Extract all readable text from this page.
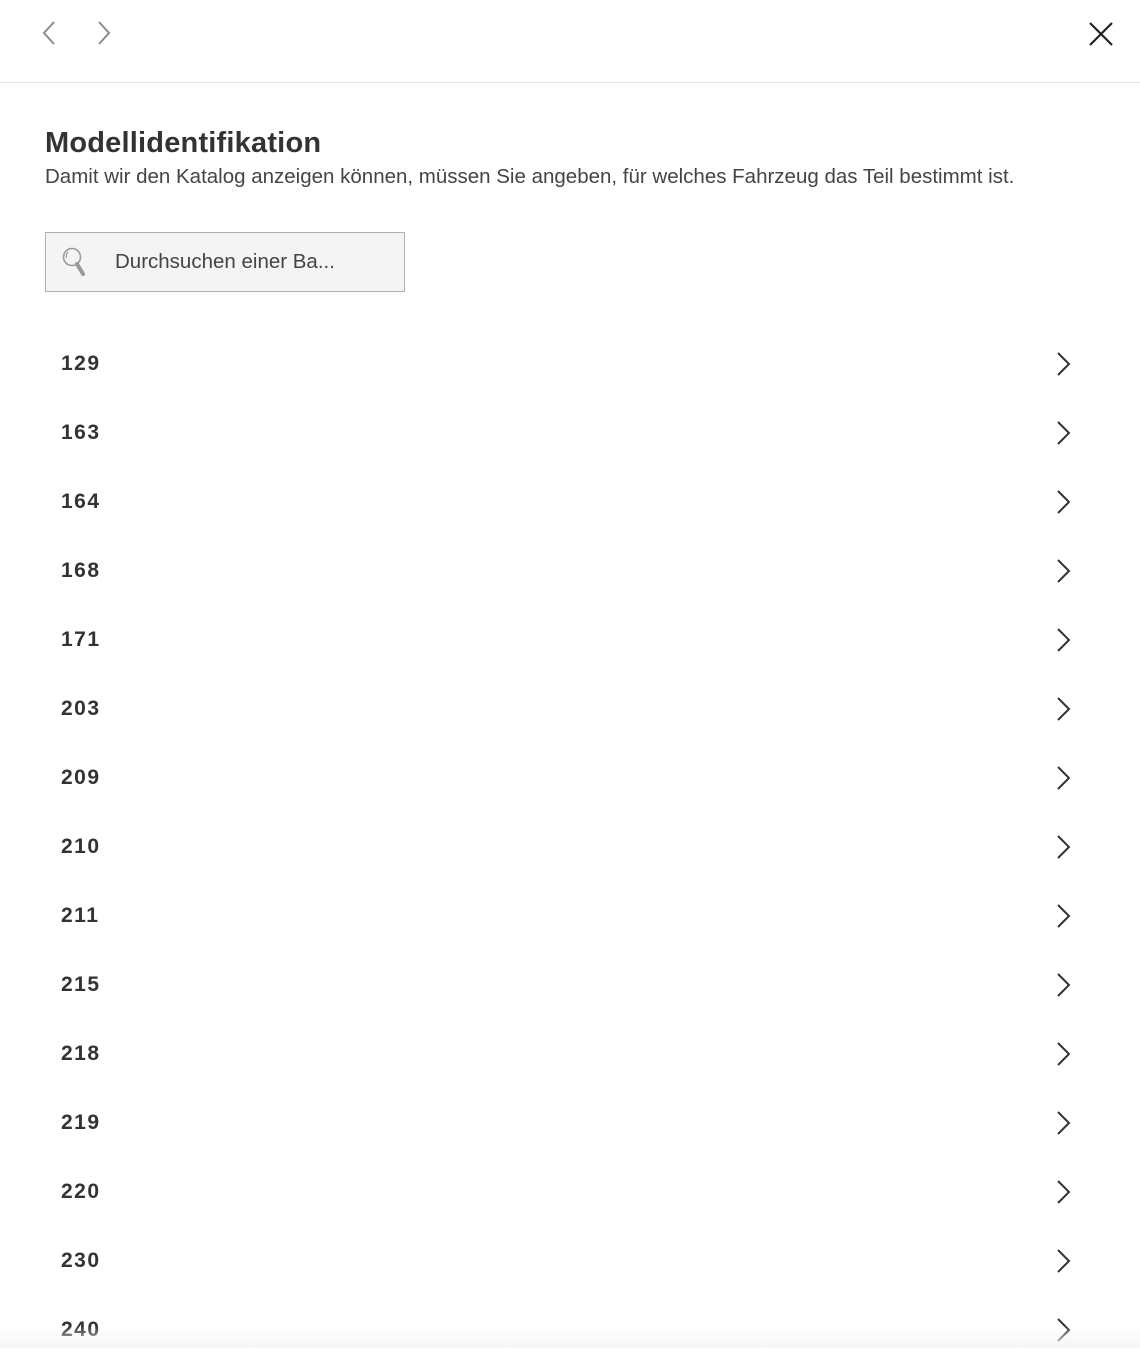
Modellidentifikation

Damit wir den Katalog anzeigen können, müssen Sie angeben, für welches Fahrzeug das Teil bestimmt ist.

Durchsuchen einer Ba...
129
163
164
168
171
203
209
210
211
215
218
219
220
230
240
